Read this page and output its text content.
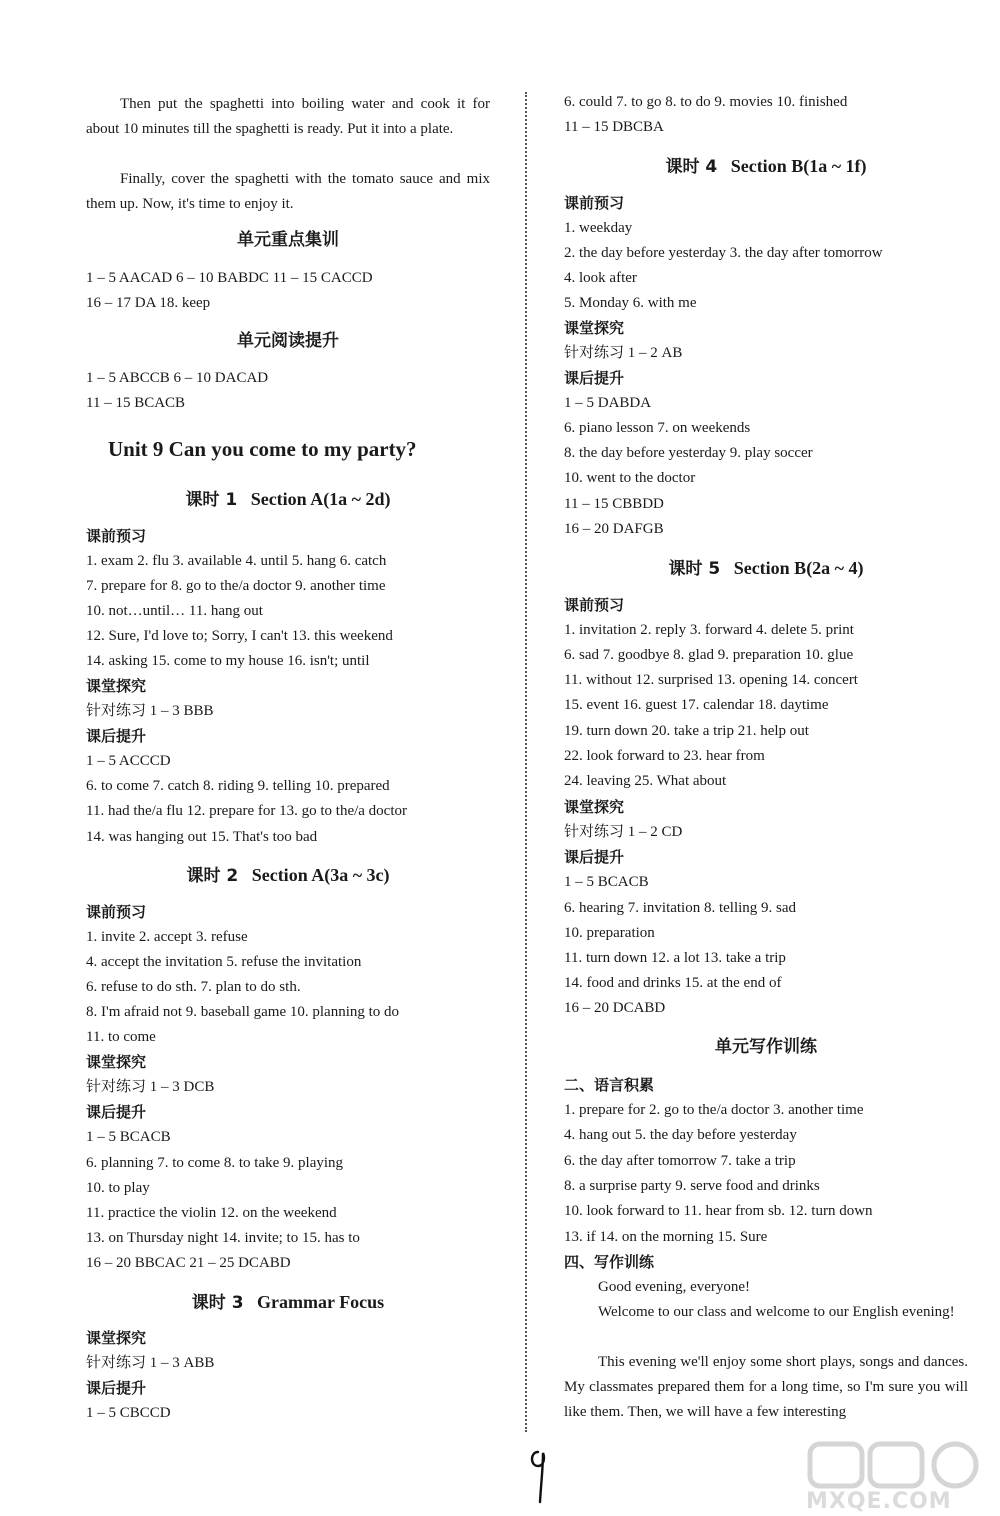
Then put the spaghetti into boiling water and cook it for about 10 minutes till the spaghetti is ready. Put it into a plate.
Finally, cover the spaghetti with the tomato sauce and mix them up. Now, it's time to enjoy it.
单元重点集训
1 – 5 AACAD 6 – 10 BABDC 11 – 15 CACCD
16 – 17 DA 18. keep
单元阅读提升
1 – 5 ABCCB 6 – 10 DACAD
11 – 15 BCACB
Unit 9 Can you come to my party?
课时 1 Section A(1a ~ 2d)
课前预习
1. exam 2. flu 3. available 4. until 5. hang 6. catch
7. prepare for 8. go to the/a doctor 9. another time
10. not…until… 11. hang out
12. Sure, I'd love to; Sorry, I can't 13. this weekend
14. asking 15. come to my house 16. isn't; until
课堂探究
针对练习 1 – 3 BBB
课后提升
1 – 5 ACCCD
6. to come 7. catch 8. riding 9. telling 10. prepared
11. had the/a flu 12. prepare for 13. go to the/a doctor
14. was hanging out 15. That's too bad
课时 2 Section A(3a ~ 3c)
课前预习
1. invite 2. accept 3. refuse
4. accept the invitation 5. refuse the invitation
6. refuse to do sth. 7. plan to do sth.
8. I'm afraid not 9. baseball game 10. planning to do
11. to come
课堂探究
针对练习 1 – 3 DCB
课后提升
1 – 5 BCACB
6. planning 7. to come 8. to take 9. playing
10. to play
11. practice the violin 12. on the weekend
13. on Thursday night 14. invite; to 15. has to
16 – 20 BBCAC 21 – 25 DCABD
课时 3 Grammar Focus
课堂探究
针对练习 1 – 3 ABB
课后提升
1 – 5 CBCCD
6. could 7. to go 8. to do 9. movies 10. finished
11 – 15 DBCBA
课时 4 Section B(1a ~ 1f)
课前预习
1. weekday
2. the day before yesterday 3. the day after tomorrow
4. look after
5. Monday 6. with me
课堂探究
针对练习 1 – 2 AB
课后提升
1 – 5 DABDA
6. piano lesson 7. on weekends
8. the day before yesterday 9. play soccer
10. went to the doctor
11 – 15 CBBDD
16 – 20 DAFGB
课时 5 Section B(2a ~ 4)
课前预习
1. invitation 2. reply 3. forward 4. delete 5. print
6. sad 7. goodbye 8. glad 9. preparation 10. glue
11. without 12. surprised 13. opening 14. concert
15. event 16. guest 17. calendar 18. daytime
19. turn down 20. take a trip 21. help out
22. look forward to 23. hear from
24. leaving 25. What about
课堂探究
针对练习 1 – 2 CD
课后提升
1 – 5 BCACB
6. hearing 7. invitation 8. telling 9. sad
10. preparation
11. turn down 12. a lot 13. take a trip
14. food and drinks 15. at the end of
16 – 20 DCABD
单元写作训练
二、语言积累
1. prepare for 2. go to the/a doctor 3. another time
4. hang out 5. the day before yesterday
6. the day after tomorrow 7. take a trip
8. a surprise party 9. serve food and drinks
10. look forward to 11. hear from sb. 12. turn down
13. if 14. on the morning 15. Sure
四、写作训练
Good evening, everyone!
Welcome to our class and welcome to our English evening!
This evening we'll enjoy some short plays, songs and dances. My classmates prepared them for a long time, so I'm sure you will like them. Then, we will have a few interesting
MXQE.COM
